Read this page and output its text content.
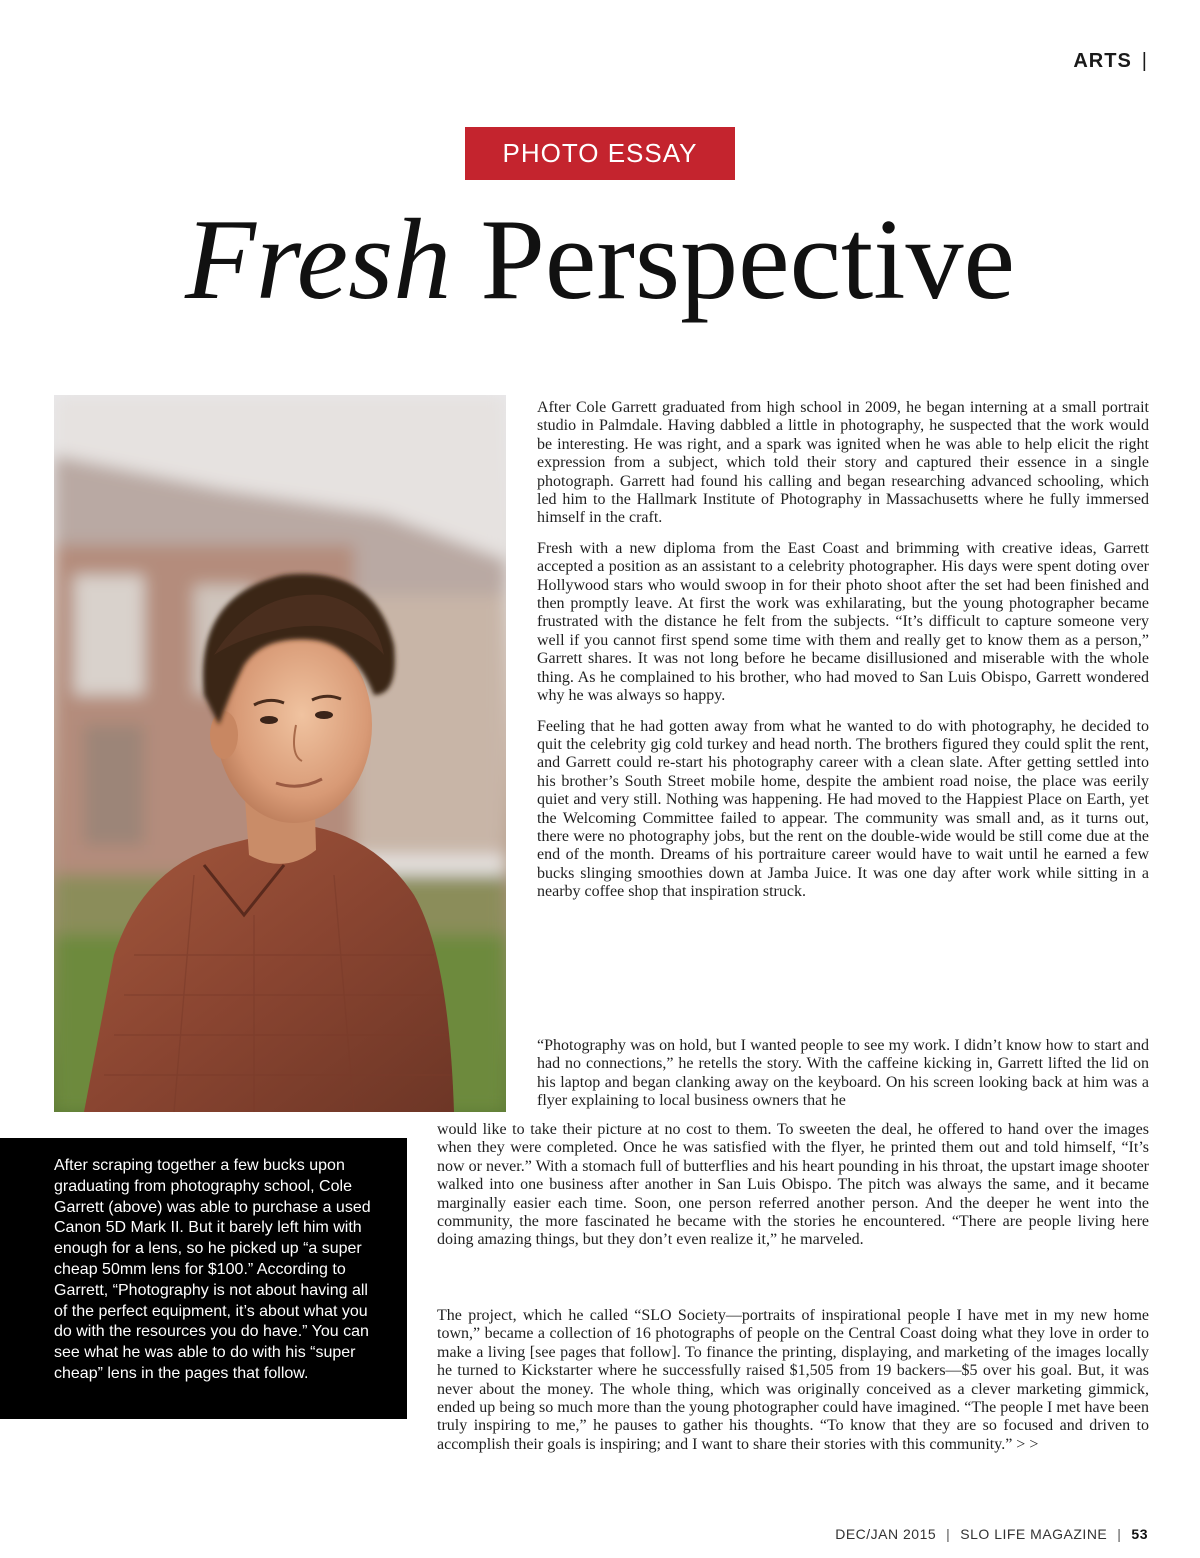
ARTS |
PHOTO ESSAY
Fresh Perspective
After scraping together a few bucks upon graduating from photography school, Cole Garrett (above) was able to purchase a used Canon 5D Mark II. But it barely left him with enough for a lens, so he picked up “a super cheap 50mm lens for $100.” According to Garrett, “Photography is not about having all of the perfect equipment, it’s about what you do with the resources you do have.” You can see what he was able to do with his “super cheap” lens in the pages that follow.

After Cole Garrett graduated from high school in 2009, he began interning at a small portrait studio in Palmdale. Having dabbled a little in photography, he suspected that the work would be interesting. He was right, and a spark was ignited when he was able to help elicit the right expression from a subject, which told their story and captured their essence in a single photograph. Garrett had found his calling and began researching advanced schooling, which led him to the Hallmark Institute of Photography in Massachusetts where he fully immersed himself in the craft.

Fresh with a new diploma from the East Coast and brimming with creative ideas, Garrett accepted a position as an assistant to a celebrity photographer. His days were spent doting over Hollywood stars who would swoop in for their photo shoot after the set had been finished and then promptly leave. At first the work was exhilarating, but the young photographer became frustrated with the distance he felt from the subjects. “It’s difficult to capture someone very well if you cannot first spend some time with them and really get to know them as a person,” Garrett shares. It was not long before he became disillusioned and miserable with the whole thing. As he complained to his brother, who had moved to San Luis Obispo, Garrett wondered why he was always so happy.

Feeling that he had gotten away from what he wanted to do with photography, he decided to quit the celebrity gig cold turkey and head north. The brothers figured they could split the rent, and Garrett could re-start his photography career with a clean slate. After getting settled into his brother’s South Street mobile home, despite the ambient road noise, the place was eerily quiet and very still. Nothing was happening. He had moved to the Happiest Place on Earth, yet the Welcoming Committee failed to appear. The community was small and, as it turns out, there were no photography jobs, but the rent on the double-wide would be still come due at the end of the month. Dreams of his portraiture career would have to wait until he earned a few bucks slinging smoothies down at Jamba Juice. It was one day after work while sitting in a nearby coffee shop that inspiration struck.

“Photography was on hold, but I wanted people to see my work. I didn’t know how to start and had no connections,” he retells the story. With the caffeine kicking in, Garrett lifted the lid on his laptop and began clanking away on the keyboard. On his screen looking back at him was a flyer explaining to local business owners that he

would like to take their picture at no cost to them. To sweeten the deal, he offered to hand over the images when they were completed. Once he was satisfied with the flyer, he printed them out and told himself, “It’s now or never.” With a stomach full of butterflies and his heart pounding in his throat, the upstart image shooter walked into one business after another in San Luis Obispo. The pitch was always the same, and it became marginally easier each time. Soon, one person referred another person. And the deeper he went into the community, the more fascinated he became with the stories he encountered. “There are people living here doing amazing things, but they don’t even realize it,” he marveled.

The project, which he called “SLO Society—portraits of inspirational people I have met in my new home town,” became a collection of 16 photographs of people on the Central Coast doing what they love in order to make a living [see pages that follow]. To finance the printing, displaying, and marketing of the images locally he turned to Kickstarter where he successfully raised $1,505 from 19 backers—$5 over his goal. But, it was never about the money. The whole thing, which was originally conceived as a clever marketing gimmick, ended up being so much more than the young photographer could have imagined. “The people I met have been truly inspiring to me,” he pauses to gather his thoughts. “To know that they are so focused and driven to accomplish their goals is inspiring; and I want to share their stories with this community.” > >

DEC/JAN 2015 | SLO LIFE MAGAZINE | 53
